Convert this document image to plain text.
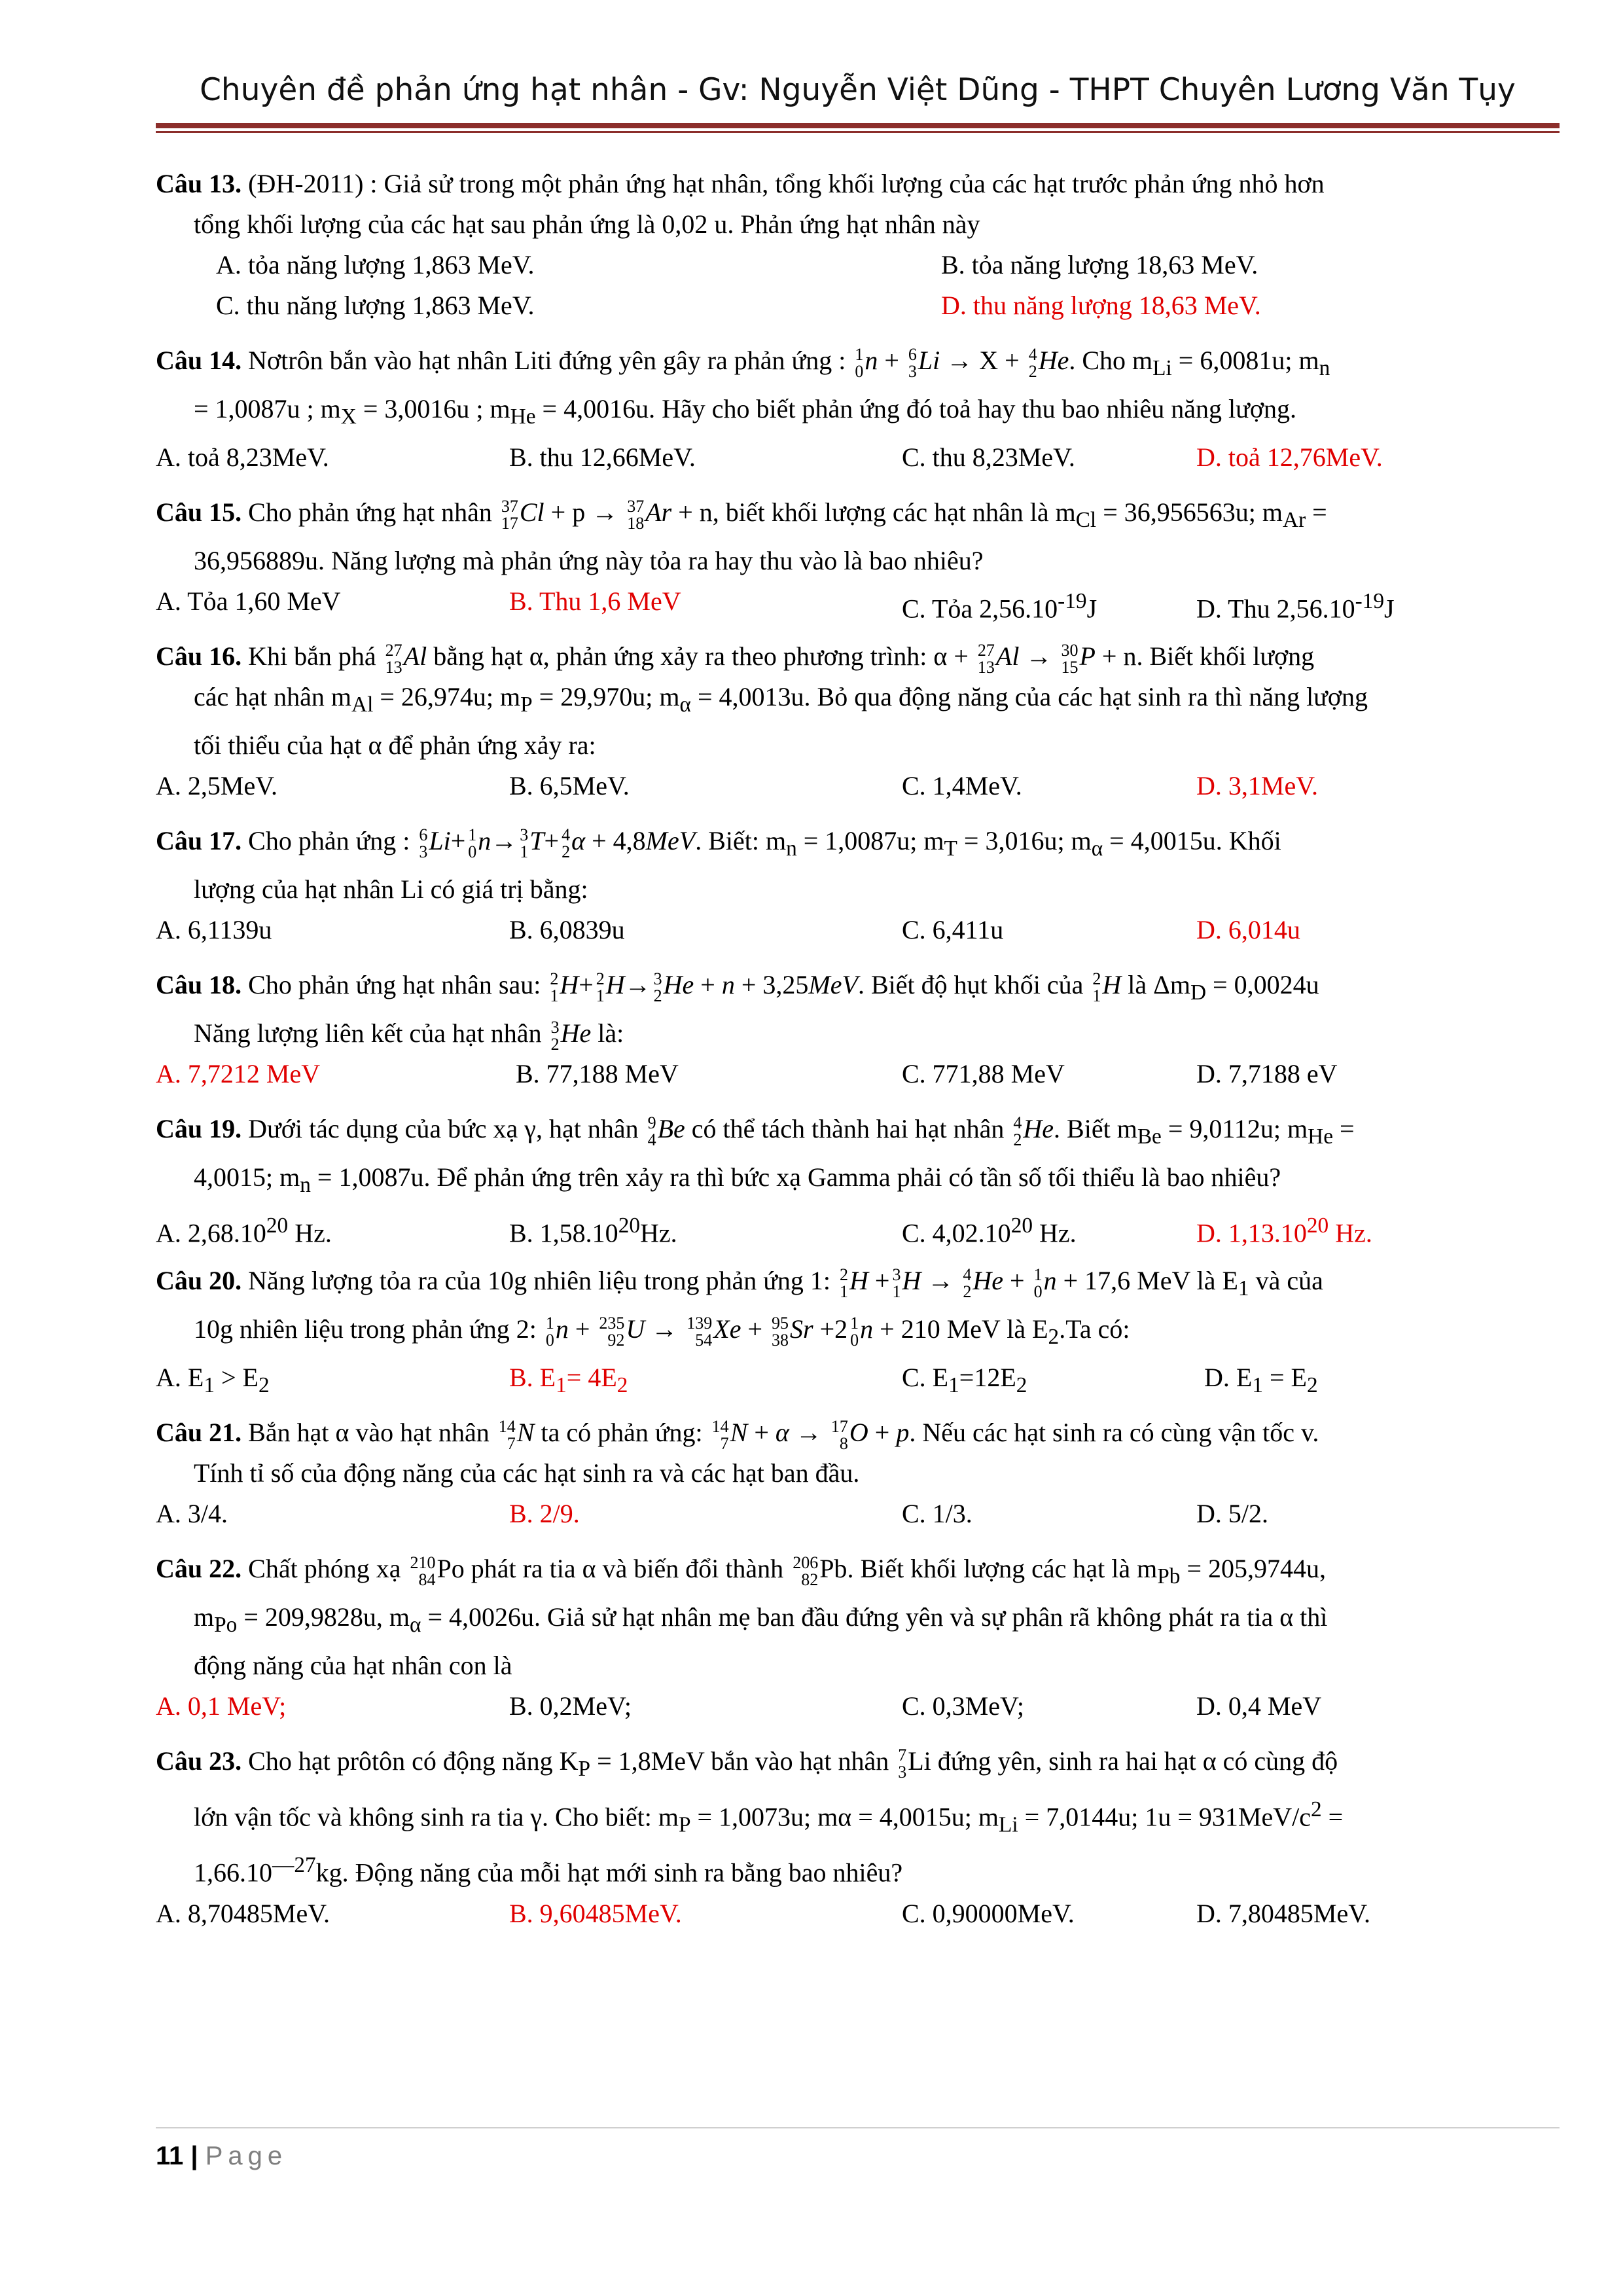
Chuyên đề phản ứng hạt nhân - Gv: Nguyễn Việt Dũng - THPT Chuyên Lương Văn Tụy
Câu 13. (ĐH-2011) : Giả sử trong một phản ứng hạt nhân, tổng khối lượng của các hạt trước phản ứng nhỏ hơn
tổng khối lượng của các hạt sau phản ứng là 0,02 u. Phản ứng hạt nhân này
A. tỏa năng lượng 1,863 MeV.	B. tỏa năng lượng 18,63 MeV.
C. thu năng lượng 1,863 MeV.	D. thu năng lượng 18,63 MeV.
Câu 14. Nơtrôn bắn vào hạt nhân Liti đứng yên gây ra phản ứng : 1
0 n + 6
3 Li → X + 4
2 He. Cho $m_{Li} = 6,0081u$; $m_n$
= 1,0087u ; $m_X = 3,0016u$ ; $m_{He} = 4,0016u$. Hãy cho biết phản ứng đó toả hay thu bao nhiêu năng lượng.
A. toả 8,23MeV.	B. thu 12,66MeV.	C. thu 8,23MeV.	D. toả 12,76MeV.
Câu 15. Cho phản ứng hạt nhân 37
17 Cl + p → 37
18 Ar + n, biết khối lượng các hạt nhân là $m_{Cl} = 36,956563u$; $m_{Ar}$ =
36,956889u. Năng lượng mà phản ứng này tỏa ra hay thu vào là bao nhiêu?
A. Tỏa 1,60 MeV	B. Thu 1,6 MeV	C. Tỏa $2,56.10^{-19}J$	D. Thu $2,56.10^{-19}J$
Câu 16. Khi bắn phá 27
13 Al bằng hạt α, phản ứng xảy ra theo phương trình: α + 27
13 Al → 30
15 P + n. Biết khối lượng
các hạt nhân $m_{Al} = 26,974u$; $m_P = 29,970u$; $m_\alpha = 4,0013u$. Bỏ qua động năng của các hạt sinh ra thì năng lượng
tối thiểu của hạt α để phản ứng xảy ra:
A. 2,5MeV.	B. 6,5MeV.	C. 1,4MeV.	D. 3,1MeV.
Câu 17. Cho phản ứng : 6
3 Li+ 1
0 n→ 3
1 T+ 4
2 α + 4,8MeV. Biết: $m_n = 1,0087u$; $m_T = 3,016u$; $m_\alpha = 4,0015u$. Khối
lượng của hạt nhân Li có giá trị bằng:
A. 6,1139u	B. 6,0839u	C. 6,411u	D. 6,014u
Câu 18. Cho phản ứng hạt nhân sau: 2
1 H+ 2
1 H→ 3
2 He + n + 3,25MeV. Biết độ hụt khối của 2
1 H là $\Delta m_D = 0,0024u$
Năng lượng liên kết của hạt nhân 3
2 He là:
A. 7,7212 MeV	B. 77,188 MeV	C. 771,88 MeV	D. 7,7188 eV
Câu 19. Dưới tác dụng của bức xạ γ, hạt nhân 9
4 Be có thể tách thành hai hạt nhân 4
2 He. Biết $m_{Be} = 9,0112u$; $m_{He}$ =
4,0015; $m_n = 1,0087u$. Để phản ứng trên xảy ra thì bức xạ Gamma phải có tần số tối thiểu là bao nhiêu?
A. 2,68.10$^{20}$ Hz.	B. 1,58.10$^{20}$Hz.	C. 4,02.10$^{20}$ Hz.	D. 1,13.10$^{20}$ Hz.
Câu 20. Năng lượng tỏa ra của 10g nhiên liệu trong phản ứng 1: 2
1 H + 3
1 H → 4
2 He + 1
0 n + 17,6 MeV là $E_1$ và của
10g nhiên liệu trong phản ứng 2: 1
0 n + 235
92 U → 139
54 Xe + 95
38 Sr +2 1
0 n + 210 MeV là $E_2.Ta$ có:
A. $E_1 > E_2$	B. $E_1= 4E_2$	C. $E_1=12E_2$	D. $E_1 = E_2$
Câu 21. Bắn hạt α vào hạt nhân 14
7 N ta có phản ứng: 14
7 N + α → 17
8 O + p. Nếu các hạt sinh ra có cùng vận tốc v.
Tính tỉ số của động năng của các hạt sinh ra và các hạt ban đầu.
A. 3/4.	B. 2/9.	C. 1/3.	D. 5/2.
Câu 22. Chất phóng xạ 210
84 Po phát ra tia α và biến đổi thành 206
82 Pb. Biết khối lượng các hạt là $m_{Pb} = 205,9744u$,
$m_{Po} = 209,9828u$, $m_\alpha = 4,0026u$. Giả sử hạt nhân mẹ ban đầu đứng yên và sự phân rã không phát ra tia α thì
động năng của hạt nhân con là
A. 0,1 MeV;	B. 0,2MeV;	C. 0,3MeV;	D. 0,4 MeV
Câu 23. Cho hạt prôtôn có động năng $K_P = 1,8MeV$ bắn vào hạt nhân 7
3 Li đứng yên, sinh ra hai hạt α có cùng độ
lớn vận tốc và không sinh ra tia γ. Cho biết: $m_P = 1,0073u$; mα = 4,0015u; $m_{Li} = 7,0144u$; $1u = 931MeV/c^2$ =
$1,66.10^{—27}kg$. Động năng của mỗi hạt mới sinh ra bằng bao nhiêu?
A. 8,70485MeV.	B. 9,60485MeV.	C. 0,90000MeV.	D. 7,80485MeV.
11 | Page
